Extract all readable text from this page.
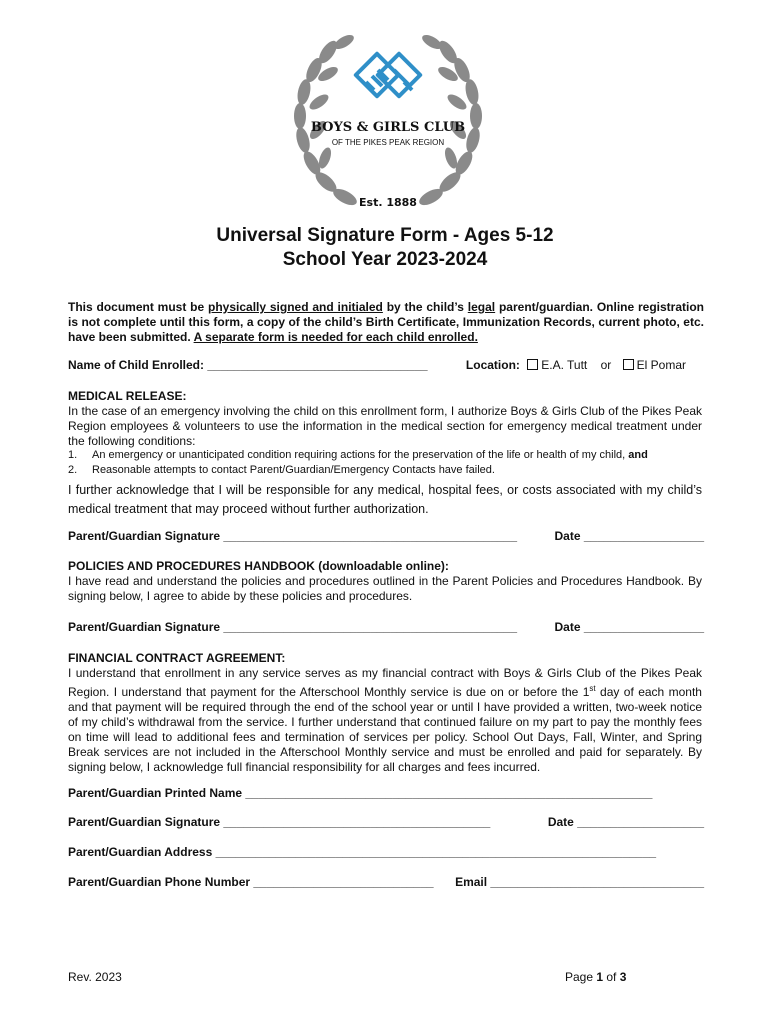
BOYS & GIRLS CLUB
OF THE PIKES PEAK REGION
Est. 1888
Universal Signature Form - Ages 5-12
School Year 2023-2024
This document must be physically signed and initialed by the child’s legal parent/guardian. Online registration is not complete until this form, a copy of the child’s Birth Certificate, Immunization Records, current photo, etc. have been submitted. A separate form is needed for each child enrolled.
Name of Child Enrolled: _________________________________	Location: E.A. Tutt or El Pomar
MEDICAL RELEASE:
In the case of an emergency involving the child on this enrollment form, I authorize Boys & Girls Club of the Pikes Peak Region employees & volunteers to use the information in the medical section for emergency medical treatment under the following conditions:
1. An emergency or unanticipated condition requiring actions for the preservation of the life or health of my child, and
2. Reasonable attempts to contact Parent/Guardian/Emergency Contacts have failed.
I further acknowledge that I will be responsible for any medical, hospital fees, or costs associated with my child’s medical treatment that may proceed without further authorization.
Parent/Guardian Signature ____________________________________________	Date __________________
POLICIES AND PROCEDURES HANDBOOK (downloadable online):
I have read and understand the policies and procedures outlined in the Parent Policies and Procedures Handbook. By signing below, I agree to abide by these policies and procedures.
Parent/Guardian Signature ____________________________________________	Date __________________
FINANCIAL CONTRACT AGREEMENT:
I understand that enrollment in any service serves as my financial contract with Boys & Girls Club of the Pikes Peak Region. I understand that payment for the Afterschool Monthly service is due on or before the 1st day of each month and that payment will be required through the end of the school year or until I have provided a written, two-week notice of my child’s withdrawal from the service. I further understand that continued failure on my part to pay the monthly fees on time will lead to additional fees and termination of services per policy. School Out Days, Fall, Winter, and Spring Break services are not included in the Afterschool Monthly service and must be enrolled and paid for separately. By signing below, I acknowledge full financial responsibility for all charges and fees incurred.
Parent/Guardian Printed Name _____________________________________________________________
Parent/Guardian Signature ________________________________________	Date ___________________
Parent/Guardian Address __________________________________________________________________
Parent/Guardian Phone Number ___________________________ Email ________________________________
Rev. 2023	Page 1 of 3
